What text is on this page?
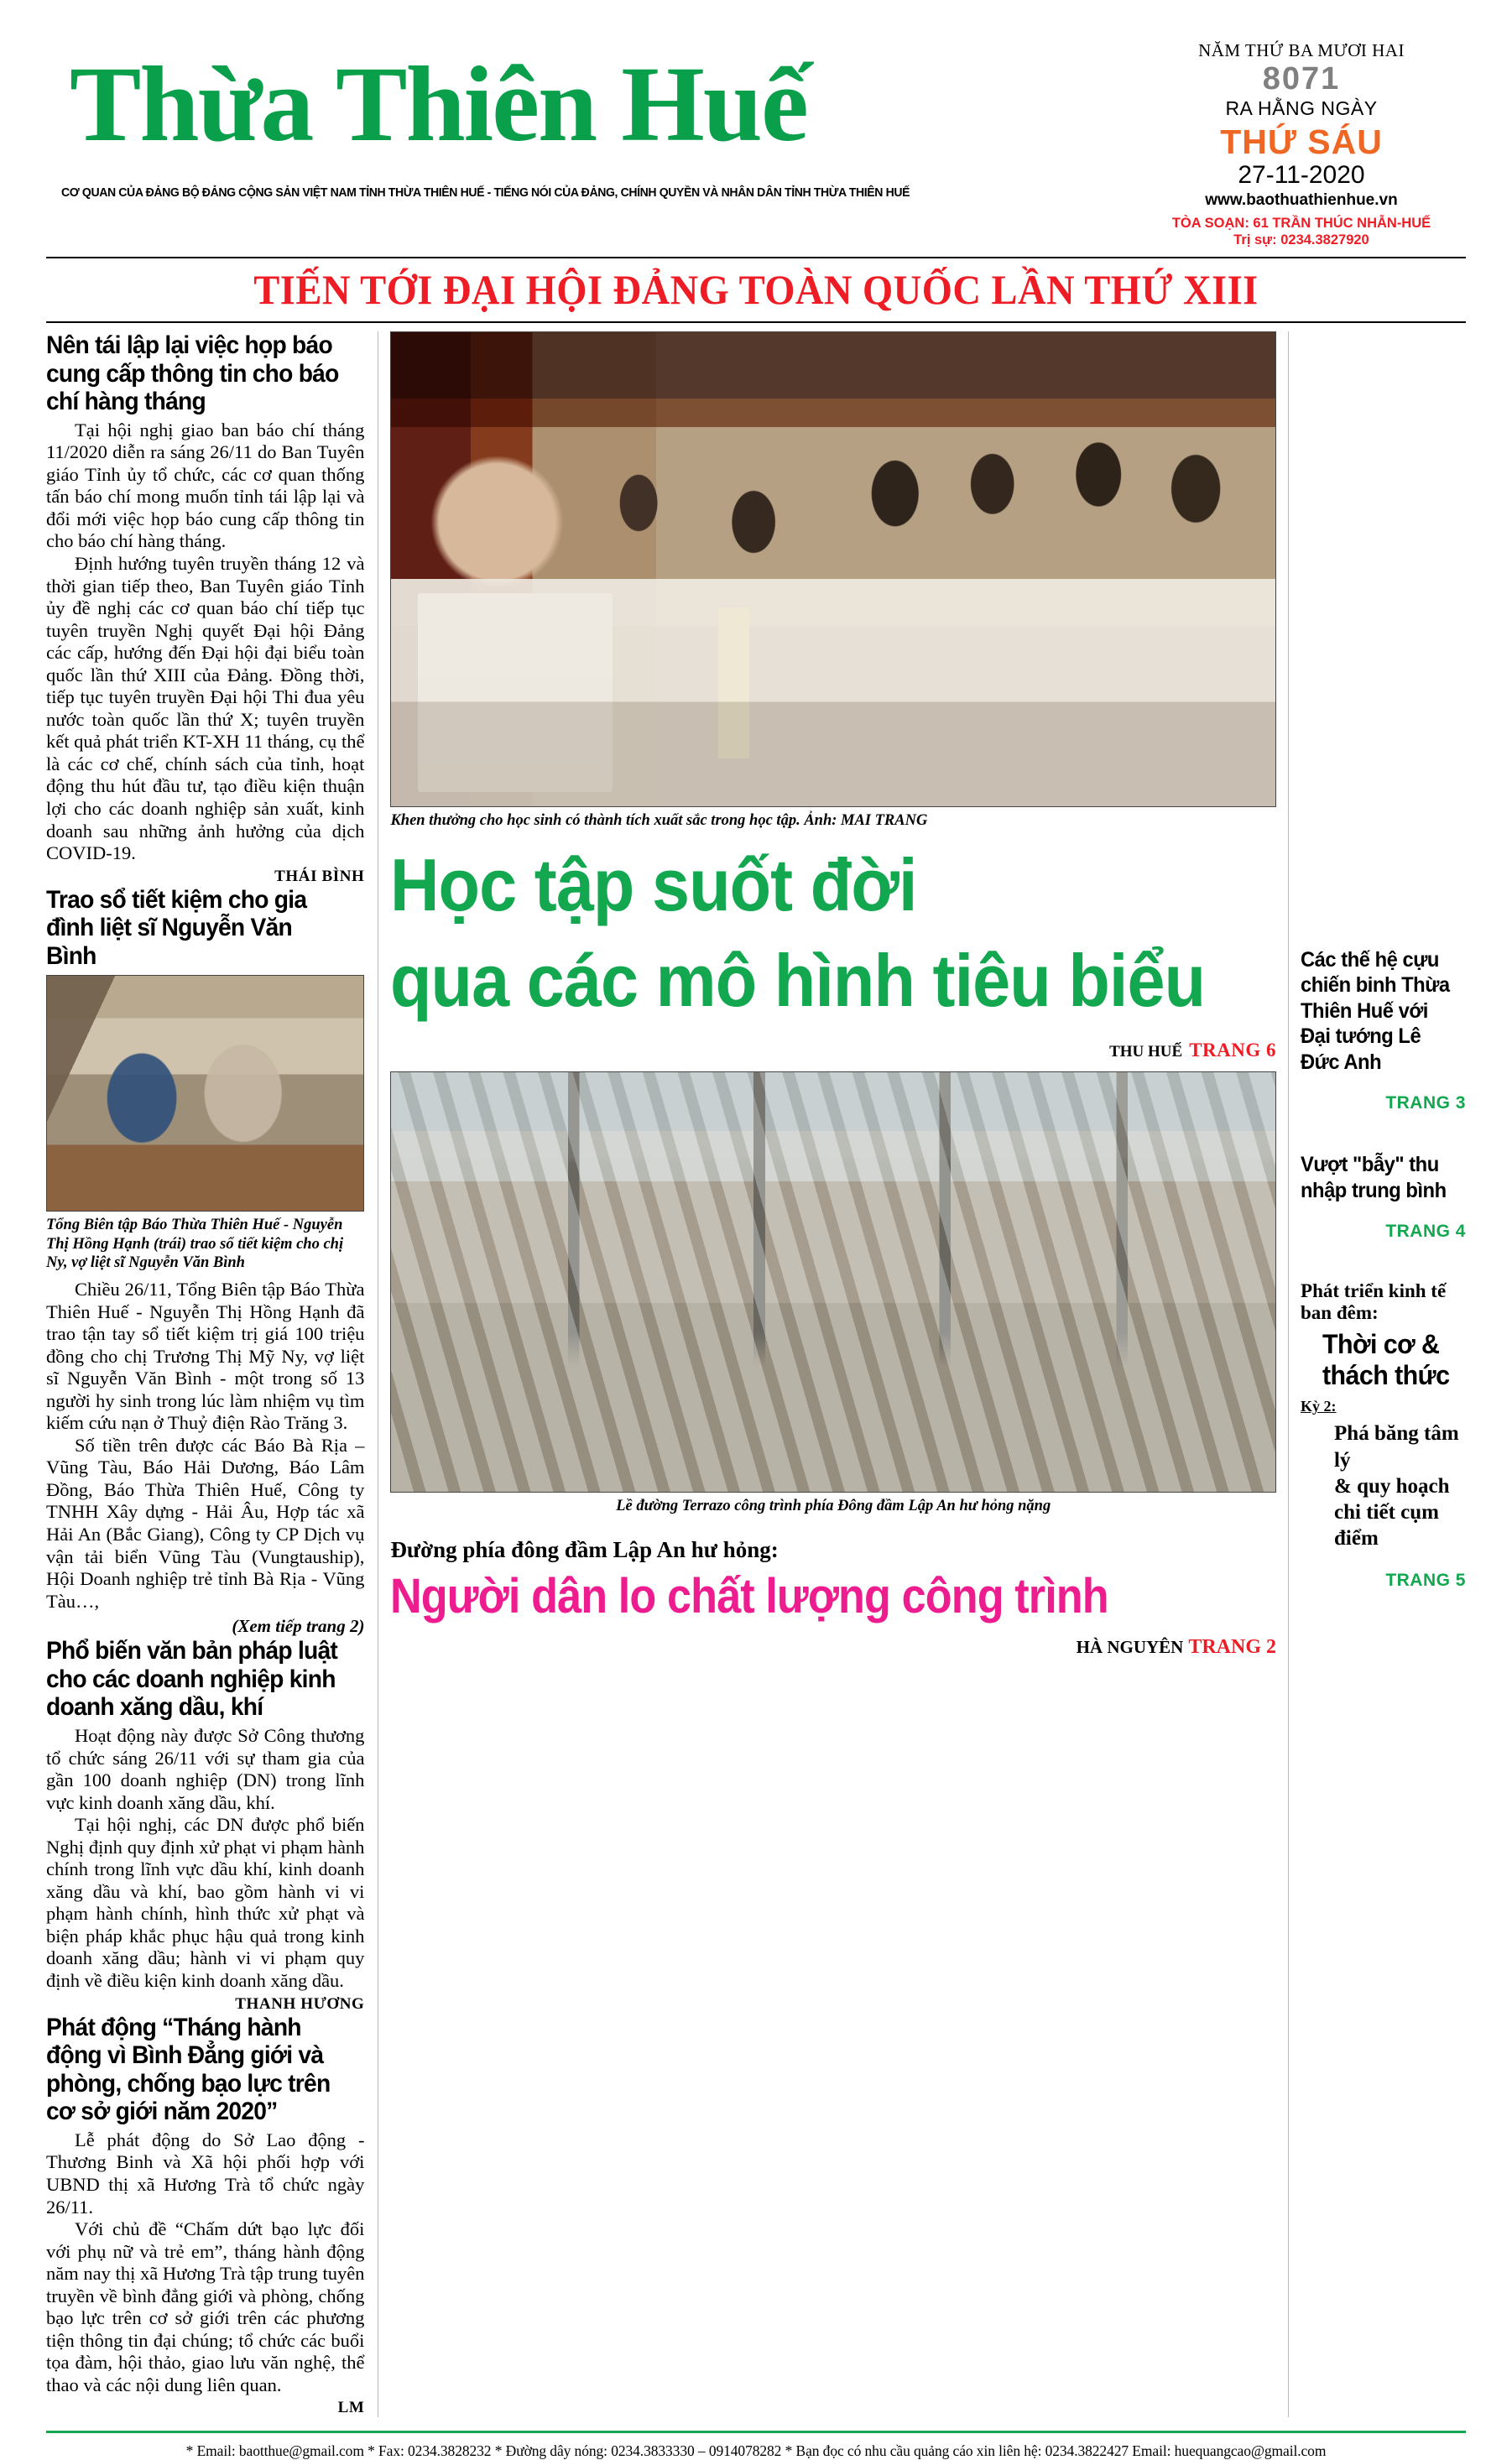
Thừa Thiên Huế
CƠ QUAN CỦA ĐẢNG BỘ ĐẢNG CỘNG SẢN VIỆT NAM TỈNH THỪA THIÊN HUẾ - TIẾNG NÓI CỦA ĐẢNG, CHÍNH QUYỀN VÀ NHÂN DÂN TỈNH THỪA THIÊN HUẾ
NĂM THỨ BA MƯƠI HAI
8071
RA HẰNG NGÀY
THỨ SÁU
27-11-2020
www.baothuathienhue.vn
TÒA SOẠN: 61 TRẦN THÚC NHẪN-HUẾ
Trị sự: 0234.3827920
TIẾN TỚI ĐẠI HỘI ĐẢNG TOÀN QUỐC LẦN THỨ XIII
Nên tái lập lại việc họp báo cung cấp thông tin cho báo chí hàng tháng

Tại hội nghị giao ban báo chí tháng 11/2020 diễn ra sáng 26/11 do Ban Tuyên giáo Tỉnh ủy tổ chức, các cơ quan thống tấn báo chí mong muốn tỉnh tái lập lại và đổi mới việc họp báo cung cấp thông tin cho báo chí hàng tháng.

Định hướng tuyên truyền tháng 12 và thời gian tiếp theo, Ban Tuyên giáo Tỉnh ủy đề nghị các cơ quan báo chí tiếp tục tuyên truyền Nghị quyết Đại hội Đảng các cấp, hướng đến Đại hội đại biểu toàn quốc lần thứ XIII của Đảng. Đồng thời, tiếp tục tuyên truyền Đại hội Thi đua yêu nước toàn quốc lần thứ X; tuyên truyền kết quả phát triển KT-XH 11 tháng, cụ thể là các cơ chế, chính sách của tỉnh, hoạt động thu hút đầu tư, tạo điều kiện thuận lợi cho các doanh nghiệp sản xuất, kinh doanh sau những ảnh hưởng của dịch COVID-19.

THÁI BÌNH
Trao sổ tiết kiệm cho gia đình liệt sĩ Nguyễn Văn Bình
Tổng Biên tập Báo Thừa Thiên Huế - Nguyễn Thị Hồng Hạnh (trái) trao sổ tiết kiệm cho chị Ny, vợ liệt sĩ Nguyễn Văn Bình

Chiều 26/11, Tổng Biên tập Báo Thừa Thiên Huế - Nguyễn Thị Hồng Hạnh đã trao tận tay sổ tiết kiệm trị giá 100 triệu đồng cho chị Trương Thị Mỹ Ny, vợ liệt sĩ Nguyễn Văn Bình - một trong số 13 người hy sinh trong lúc làm nhiệm vụ tìm kiếm cứu nạn ở Thuỷ điện Rào Trăng 3.

Số tiền trên được các Báo Bà Rịa – Vũng Tàu, Báo Hải Dương, Báo Lâm Đồng, Báo Thừa Thiên Huế, Công ty TNHH Xây dựng - Hải Âu, Hợp tác xã Hải An (Bắc Giang), Công ty CP Dịch vụ vận tải biển Vũng Tàu (Vungtauship), Hội Doanh nghiệp trẻ tỉnh Bà Rịa - Vũng Tàu…,

(Xem tiếp trang 2)
Phổ biến văn bản pháp luật cho các doanh nghiệp kinh doanh xăng dầu, khí

Hoạt động này được Sở Công thương tổ chức sáng 26/11 với sự tham gia của gần 100 doanh nghiệp (DN) trong lĩnh vực kinh doanh xăng dầu, khí.

Tại hội nghị, các DN được phổ biến Nghị định quy định xử phạt vi phạm hành chính trong lĩnh vực dầu khí, kinh doanh xăng dầu và khí, bao gồm hành vi vi phạm hành chính, hình thức xử phạt và biện pháp khắc phục hậu quả trong kinh doanh xăng dầu; hành vi vi phạm quy định về điều kiện kinh doanh xăng dầu.

THANH HƯƠNG
Phát động “Tháng hành động vì Bình Đẳng giới và phòng, chống bạo lực trên cơ sở giới năm 2020”

Lễ phát động do Sở Lao động - Thương Binh và Xã hội phối hợp với UBND thị xã Hương Trà tổ chức ngày 26/11.

Với chủ đề “Chấm dứt bạo lực đối với phụ nữ và trẻ em”, tháng hành động năm nay thị xã Hương Trà tập trung tuyên truyền về bình đẳng giới và phòng, chống bạo lực trên cơ sở giới trên các phương tiện thông tin đại chúng; tổ chức các buổi tọa đàm, hội thảo, giao lưu văn nghệ, thể thao và các nội dung liên quan.

LM
Khen thưởng cho học sinh có thành tích xuất sắc trong học tập. Ảnh: MAI TRANG
Học tập suốt đời
qua các mô hình tiêu biểu
THU HUẾ TRANG 6
Lề đường Terrazo công trình phía Đông đầm Lập An hư hỏng nặng
Đường phía đông đầm Lập An hư hỏng:
Người dân lo chất lượng công trình
HÀ NGUYÊN TRANG 2
Các thế hệ cựu chiến binh Thừa Thiên Huế với Đại tướng Lê Đức Anh
TRANG 3
Vượt "bẫy" thu nhập trung bình
TRANG 4
Phát triển kinh tế ban đêm:
Thời cơ & thách thức
Kỳ 2:
Phá băng tâm lý
& quy hoạch chi tiết cụm điểm
TRANG 5
* Email: baotthue@gmail.com * Fax: 0234.3828232 * Đường dây nóng: 0234.3833330 – 0914078282 * Bạn đọc có nhu cầu quảng cáo xin liên hệ: 0234.3822427 Email: huequangcao@gmail.com
